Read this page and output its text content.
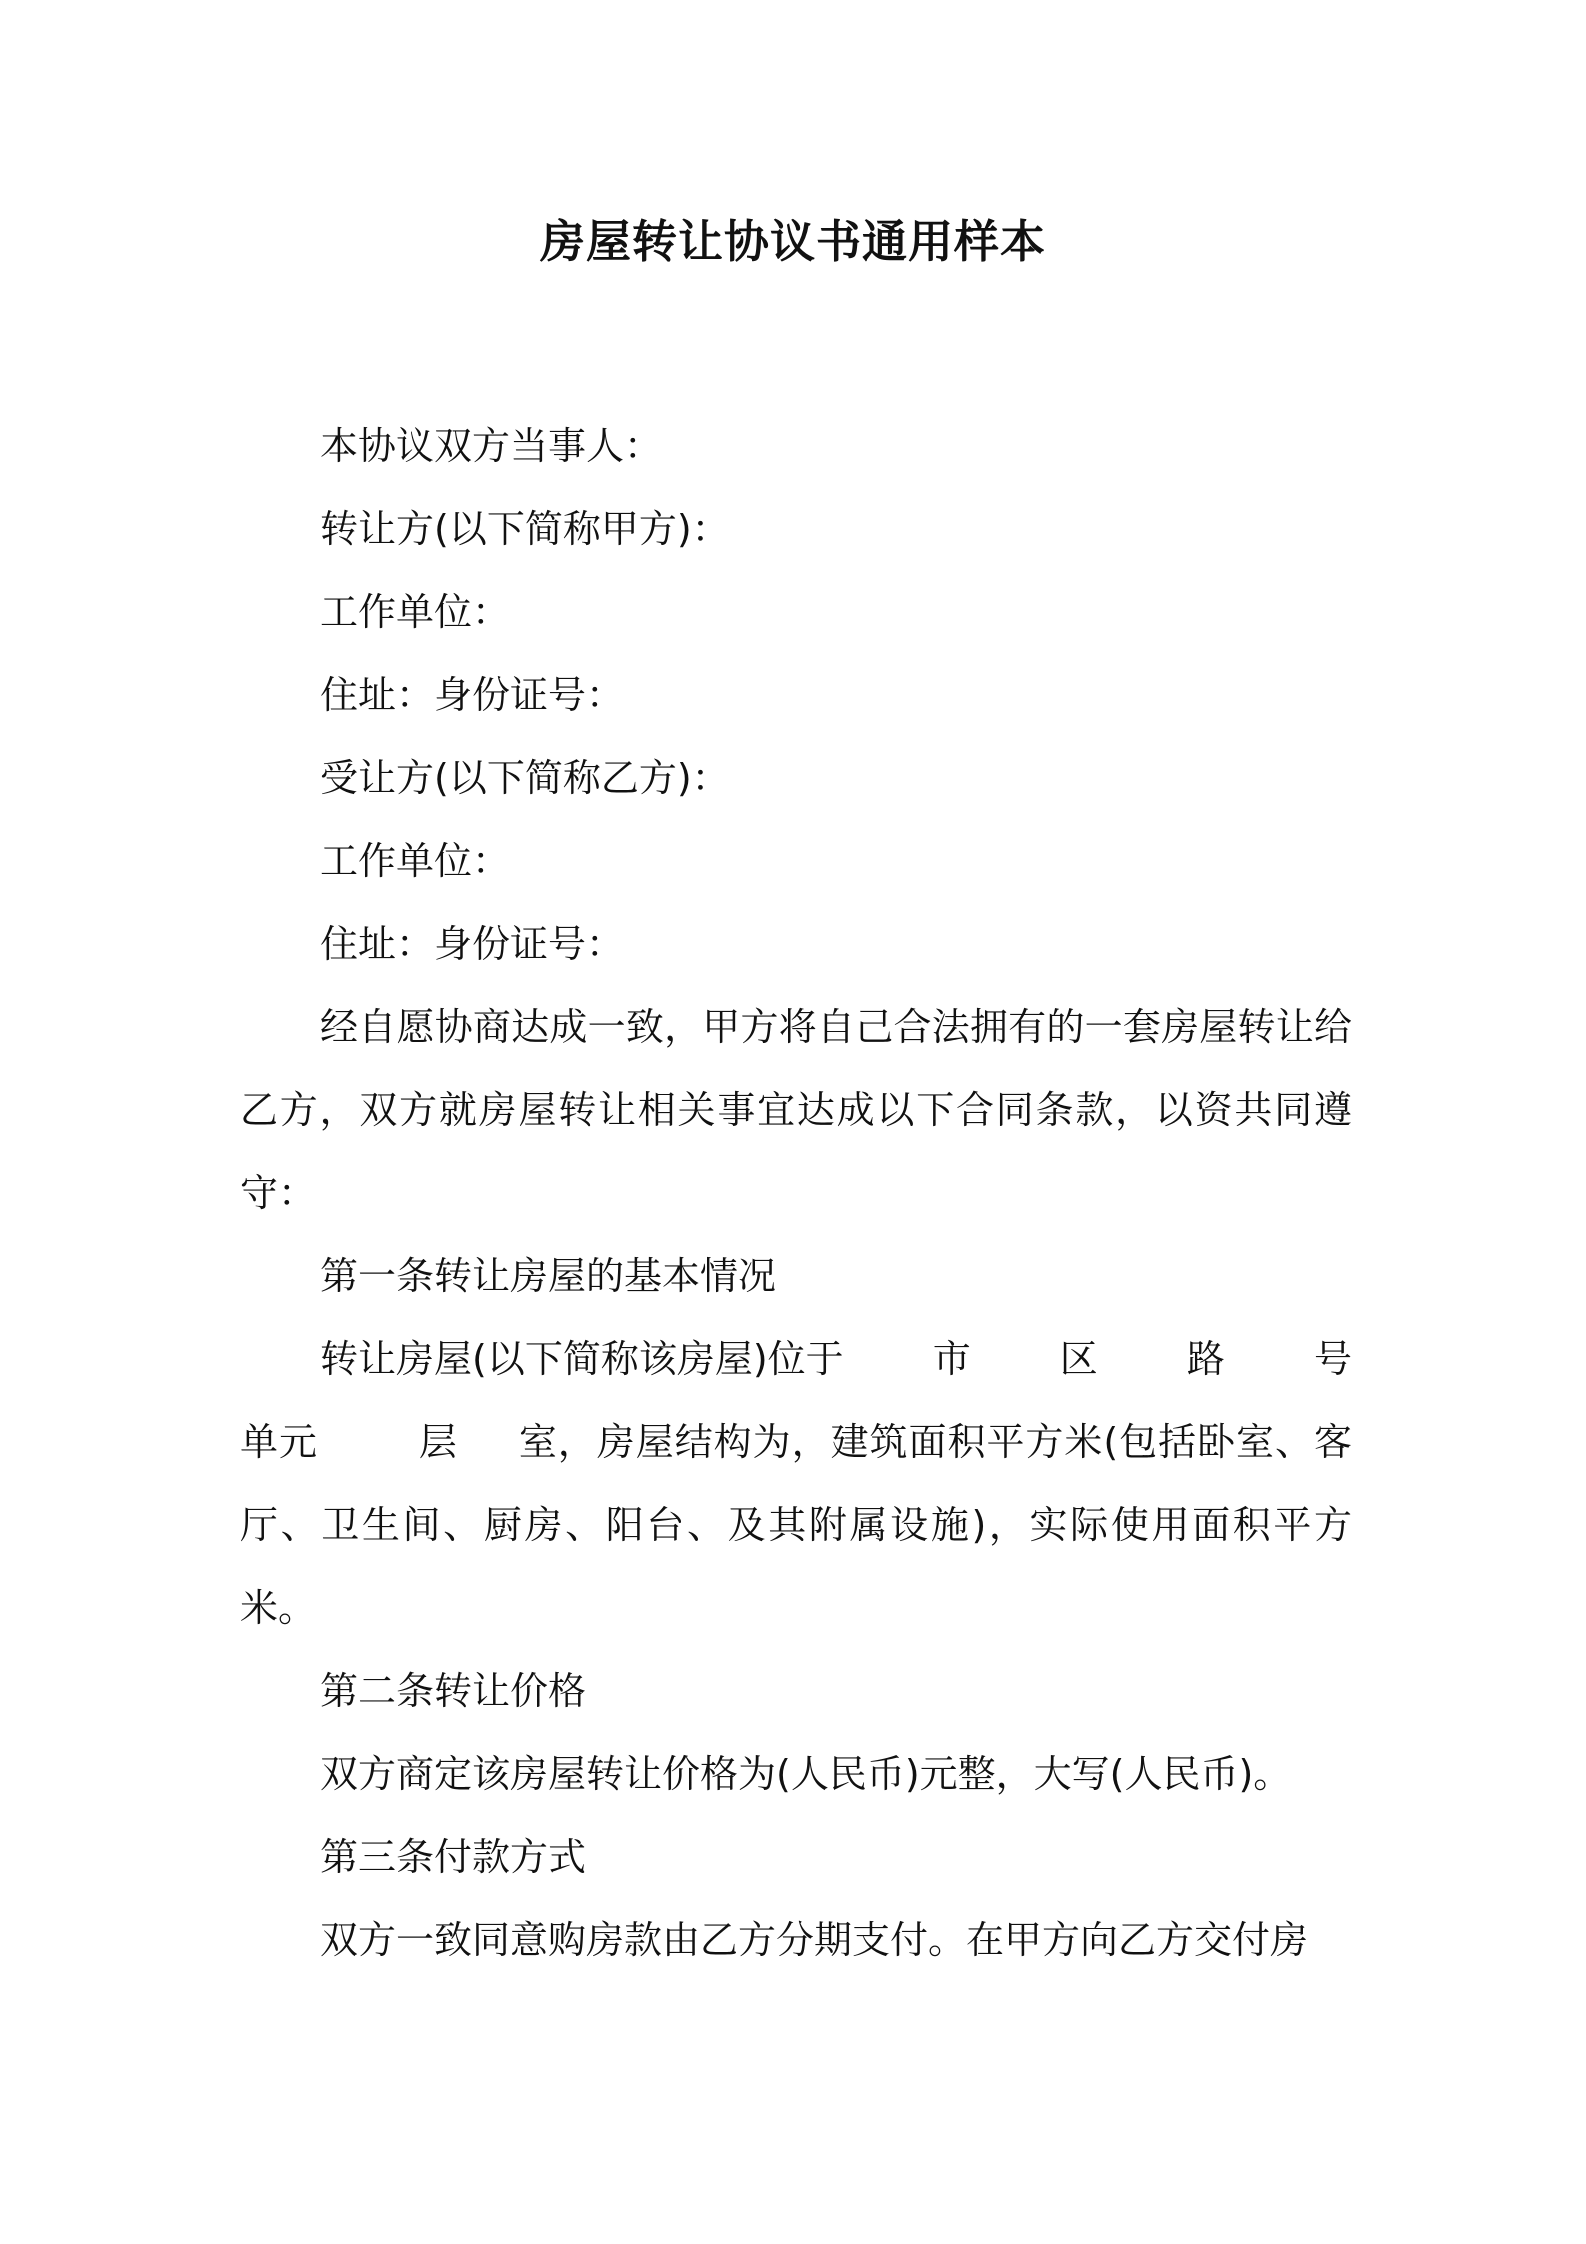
房屋转让协议书通用样本

本协议双方当事人：

转让方(以下简称甲方)：

工作单位：

住址：身份证号：

受让方(以下简称乙方)：

工作单位：

住址：身份证号：

经自愿协商达成一致，甲方将自己合法拥有的一套房屋转让给乙方，双方就房屋转让相关事宜达成以下合同条款，以资共同遵守：

第一条转让房屋的基本情况

转让房屋(以下简称该房屋)位于 市 区 路 号

单元	层 室，房屋结构为，建筑面积平方米(包括卧室、客厅、卫生间、厨房、阳台、及其附属设施)，实际使用面积平方米。

第二条转让价格

双方商定该房屋转让价格为(人民币)元整，大写(人民币)。

第三条付款方式

双方一致同意购房款由乙方分期支付。在甲方向乙方交付房
